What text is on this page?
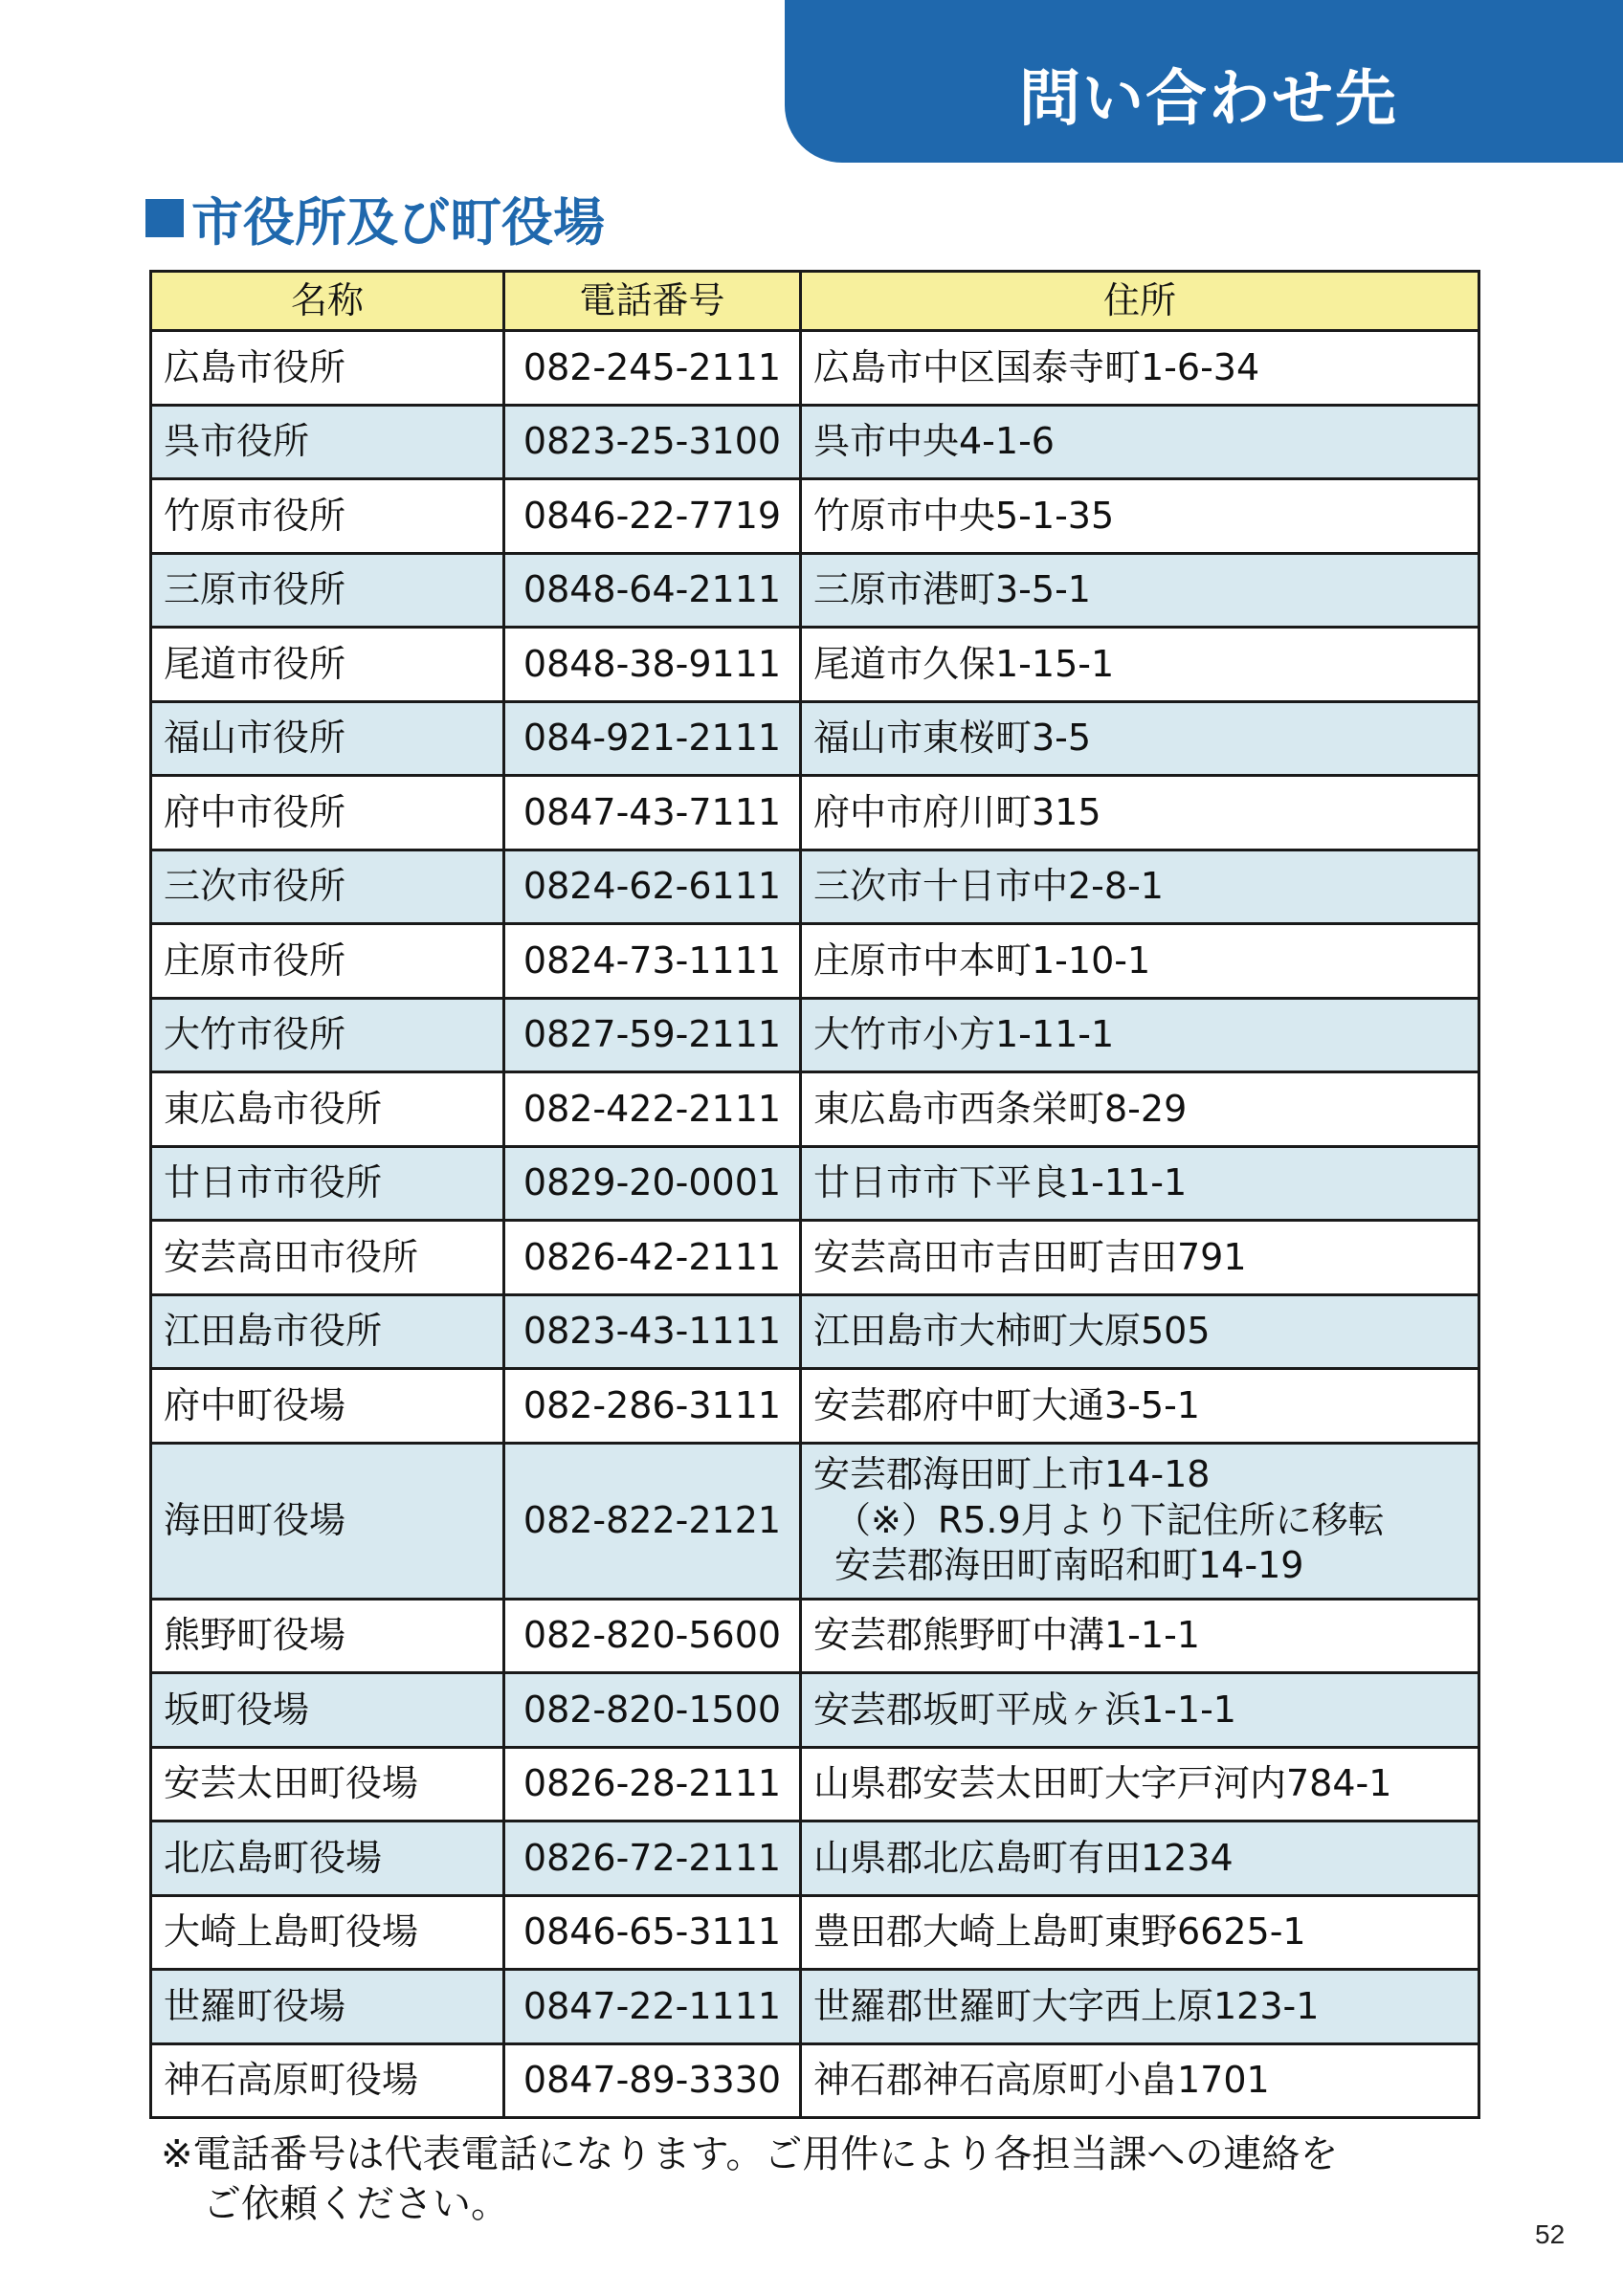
問い合わせ先
市役所及び町役場
名称	電話番号	住所
広島市役所	082-245-2111	広島市中区国泰寺町1-6-34

呉市役所	0823-25-3100	呉市中央4-1-6

竹原市役所	0846-22-7719	竹原市中央5-1-35

三原市役所	0848-64-2111	三原市港町3-5-1

尾道市役所	0848-38-9111	尾道市久保1-15-1

福山市役所	084-921-2111	福山市東桜町3-5

府中市役所	0847-43-7111	府中市府川町315

三次市役所	0824-62-6111	三次市十日市中2-8-1

庄原市役所	0824-73-1111	庄原市中本町1-10-1

大竹市役所	0827-59-2111	大竹市小方1-11-1

東広島市役所	082-422-2111	東広島市西条栄町8-29

廿日市市役所	0829-20-0001	廿日市市下平良1-11-1

安芸高田市役所	0826-42-2111	安芸高田市吉田町吉田791

江田島市役所	0823-43-1111	江田島市大柿町大原505

府中町役場	082-286-3111	安芸郡府中町大通3-5-1

海田町役場	082-822-2121	安芸郡海田町上市14-18
（※）R5.9月より下記住所に移転
安芸郡海田町南昭和町14-19

熊野町役場	082-820-5600	安芸郡熊野町中溝1-1-1

坂町役場	082-820-1500	安芸郡坂町平成ヶ浜1-1-1

安芸太田町役場	0826-28-2111	山県郡安芸太田町大字戸河内784-1

北広島町役場	0826-72-2111	山県郡北広島町有田1234

大崎上島町役場	0846-65-3111	豊田郡大崎上島町東野6625-1

世羅町役場	0847-22-1111	世羅郡世羅町大字西上原123-1

神石高原町役場	0847-89-3330	神石郡神石高原町小畠1701
※電話番号は代表電話になります。ご用件により各担当課への連絡を
ご依頼ください。
52
